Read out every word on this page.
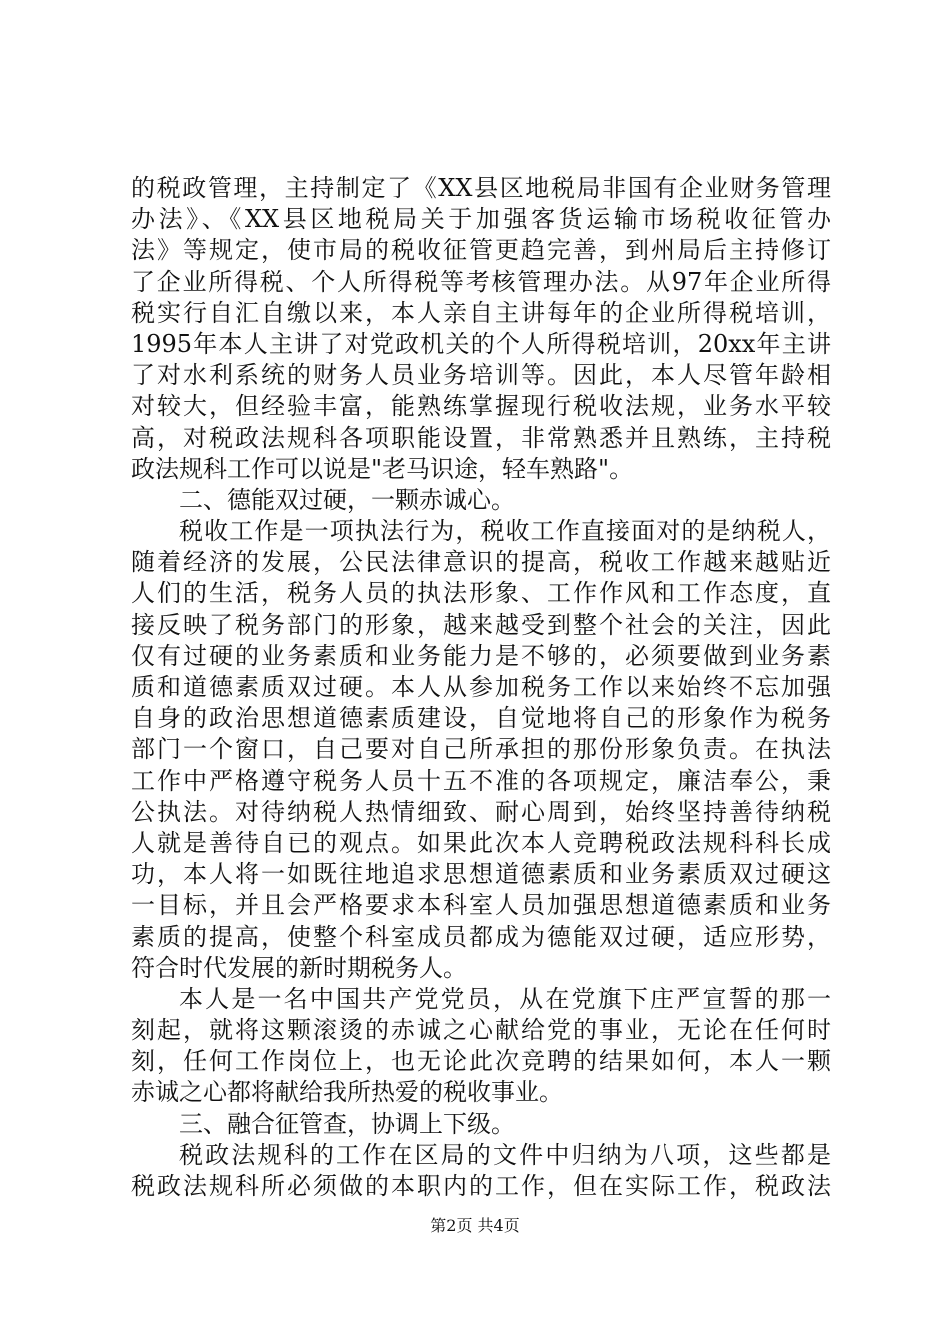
的税政管理，主持制定了《XX县区地税局非国有企业财务管理
办法》、《XX县区地税局关于加强客货运输市场税收征管办
法》等规定，使市局的税收征管更趋完善，到州局后主持修订
了企业所得税、个人所得税等考核管理办法。从97年企业所得
税实行自汇自缴以来，本人亲自主讲每年的企业所得税培训，
1995年本人主讲了对党政机关的个人所得税培训，20xx年主讲
了对水利系统的财务人员业务培训等。因此，本人尽管年龄相
对较大，但经验丰富，能熟练掌握现行税收法规，业务水平较
高，对税政法规科各项职能设置，非常熟悉并且熟练，主持税
政法规科工作可以说是"老马识途，轻车熟路"。
二、德能双过硬，一颗赤诚心。
税收工作是一项执法行为，税收工作直接面对的是纳税人，
随着经济的发展，公民法律意识的提高，税收工作越来越贴近
人们的生活，税务人员的执法形象、工作作风和工作态度，直
接反映了税务部门的形象，越来越受到整个社会的关注，因此
仅有过硬的业务素质和业务能力是不够的，必须要做到业务素
质和道德素质双过硬。本人从参加税务工作以来始终不忘加强
自身的政治思想道德素质建设，自觉地将自己的形象作为税务
部门一个窗口，自己要对自己所承担的那份形象负责。在执法
工作中严格遵守税务人员十五不准的各项规定，廉洁奉公，秉
公执法。对待纳税人热情细致、耐心周到，始终坚持善待纳税
人就是善待自已的观点。如果此次本人竞聘税政法规科科长成
功，本人将一如既往地追求思想道德素质和业务素质双过硬这
一目标，并且会严格要求本科室人员加强思想道德素质和业务
素质的提高，使整个科室成员都成为德能双过硬，适应形势，
符合时代发展的新时期税务人。
本人是一名中国共产党党员，从在党旗下庄严宣誓的那一
刻起，就将这颗滚烫的赤诚之心献给党的事业，无论在任何时
刻，任何工作岗位上，也无论此次竞聘的结果如何，本人一颗
赤诚之心都将献给我所热爱的税收事业。
三、融合征管查，协调上下级。
税政法规科的工作在区局的文件中归纳为八项，这些都是
税政法规科所必须做的本职内的工作，但在实际工作，税政法
第2页 共4页
